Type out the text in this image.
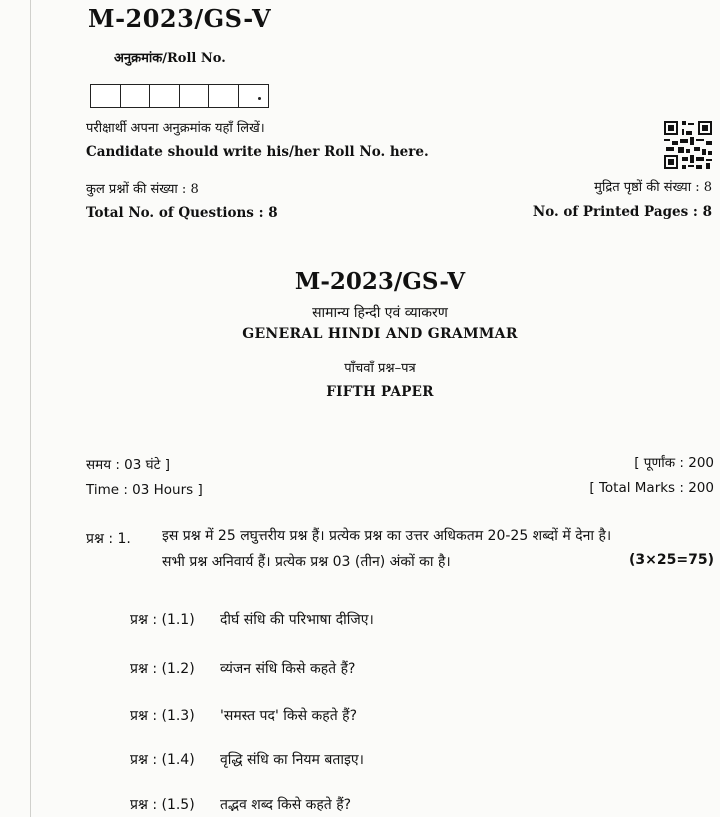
M-2023/GS-V
अनुक्रमांक/Roll No.
परीक्षार्थी अपना अनुक्रमांक यहाँ लिखें।
Candidate should write his/her Roll No. here.
कुल प्रश्नों की संख्या : 8
Total No. of Questions : 8
मुद्रित पृष्ठों की संख्या : 8
No. of Printed Pages : 8
M-2023/GS-V
सामान्य हिन्दी एवं व्याकरण
GENERAL HINDI AND GRAMMAR
पाँचवाँ प्रश्न–पत्र
FIFTH PAPER
समय : 03 घंटे ]
Time : 03 Hours ]
[ पूर्णांक : 200
[ Total Marks : 200
प्रश्न : 1. इस प्रश्न में 25 लघुत्तरीय प्रश्न हैं। प्रत्येक प्रश्न का उत्तर अधिकतम 20-25 शब्दों में देना है।
सभी प्रश्न अनिवार्य हैं। प्रत्येक प्रश्न 03 (तीन) अंकों का है।	(3×25=75)
प्रश्न : (1.1) दीर्घ संधि की परिभाषा दीजिए।
प्रश्न : (1.2) व्यंजन संधि किसे कहते हैं?
प्रश्न : (1.3) 'समस्त पद' किसे कहते हैं?
प्रश्न : (1.4) वृद्धि संधि का नियम बताइए।
प्रश्न : (1.5) तद्भव शब्द किसे कहते हैं?
